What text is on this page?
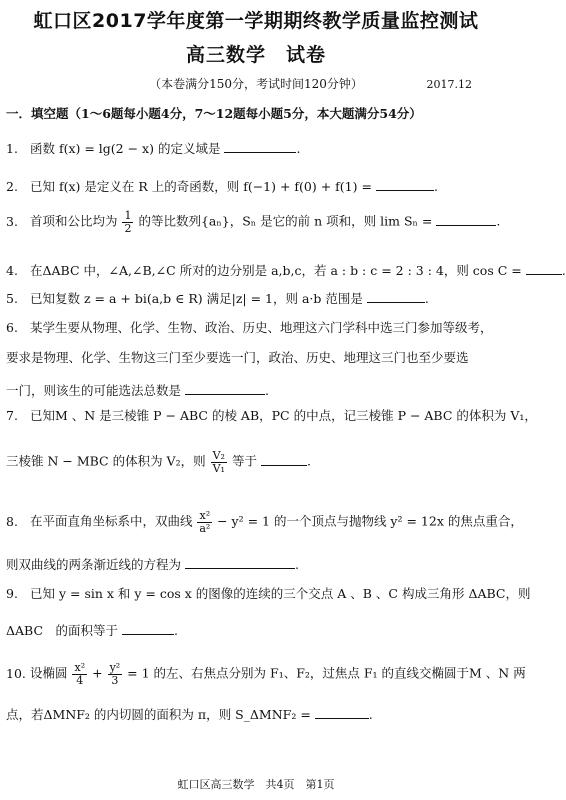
虹口区2017学年度第一学期期终教学质量监控测试
高三数学　试卷
（本卷满分150分，考试时间120分钟）	2017.12
一．填空题（1～6题每小题4分，7～12题每小题5分，本大题满分54分）
1. 函数 f(x) = lg(2 − x) 的定义域是	.
2. 已知 f(x) 是定义在 R 上的奇函数，则 f(−1) + f(0) + f(1) =	.
3. 首项和公比均为 $\frac{1}{2}$ 的等比数列{aₙ}，Sₙ 是它的前 n 项和，则 lim Sₙ =	.
4. 在ΔABC 中，∠A,∠B,∠C 所对的边分别是 a,b,c，若 a : b : c = 2 : 3 : 4，则 cos C =	.
5. 已知复数 z = a + bi(a,b ∈ R) 满足|z| = 1，则 a·b 范围是	.
6. 某学生要从物理、化学、生物、政治、历史、地理这六门学科中选三门参加等级考，
要求是物理、化学、生物这三门至少要选一门，政治、历史、地理这三门也至少要选
一门，则该生的可能选法总数是	.
7. 已知M 、N 是三棱锥 P − ABC 的棱 AB，PC 的中点，记三棱锥 P − ABC 的体积为 V₁，
三棱锥 N − MBC 的体积为 V₂，则 $\frac{\text{V₂}}{\text{V₁}}$ 等于	.
8. 在平面直角坐标系中，双曲线 $\frac{\text{x²}}{\text{a²}} - y^2 = 1$ 的一个顶点与抛物线 y² = 12x 的焦点重合，
则双曲线的两条渐近线的方程为	.
9. 已知 y = sin x 和 y = cos x 的图像的连续的三个交点 A 、B 、C 构成三角形 ΔABC，则
ΔABC　的面积等于	.
10. 设椭圆 $\frac{\text{x²}}{4} + \frac{\text{y²}}{3} = 1$ 的左、右焦点分别为 F₁、F₂，过焦点 F₁ 的直线交椭圆于M 、N 两
点，若ΔMNF₂ 的内切圆的面积为 π，则 S_ΔMNF₂ =	.
虹口区高三数学　共4页　第1页
